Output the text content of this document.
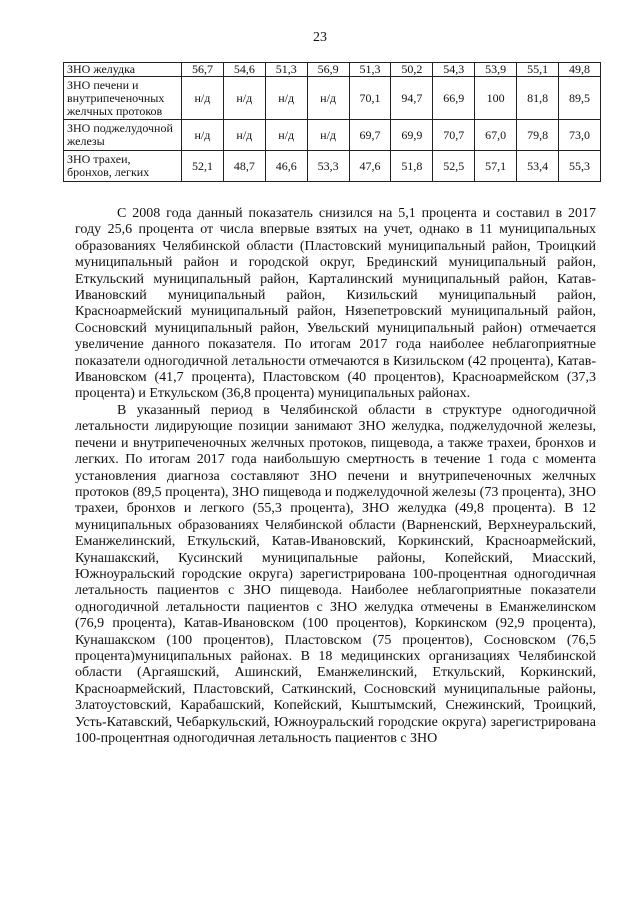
23
ЗНО желудка	56,7	54,6	51,3	56,9	51,3	50,2	54,3	53,9	55,1	49,8
ЗНО печени и внутрипеченочных желчных протоков	н/д	н/д	н/д	н/д	70,1	94,7	66,9	100	81,8	89,5
ЗНО поджелудочной железы	н/д	н/д	н/д	н/д	69,7	69,9	70,7	67,0	79,8	73,0
ЗНО трахеи, бронхов, легких	52,1	48,7	46,6	53,3	47,6	51,8	52,5	57,1	53,4	55,3

С 2008 года данный показатель снизился на 5,1 процента и составил в 2017 году 25,6 процента от числа впервые взятых на учет, однако в 11 муниципальных образованиях Челябинской области (Пластовский муниципальный район, Троицкий муниципальный район и городской округ, Брединский муниципальный район, Еткульский муниципальный район, Карталинский муниципальный район, Катав-Ивановский муниципальный район, Кизильский муниципальный район, Красноармейский муниципальный район, Нязепетровский муниципальный район, Сосновский муниципальный район, Увельский муниципальный район) отмечается увеличение данного показателя. По итогам 2017 года наиболее неблагоприятные показатели одногодичной летальности отмечаются в Кизильском (42 процента), Катав-Ивановском (41,7 процента), Пластовском (40 процентов), Красноармейском (37,3 процента) и Еткульском (36,8 процента) муниципальных районах.

В указанный период в Челябинской области в структуре одногодичной летальности лидирующие позиции занимают ЗНО желудка, поджелудочной железы, печени и внутрипеченочных желчных протоков, пищевода, а также трахеи, бронхов и легких. По итогам 2017 года наибольшую смертность в течение 1 года с момента установления диагноза составляют ЗНО печени и внутрипеченочных желчных протоков (89,5 процента), ЗНО пищевода и поджелудочной железы (73 процента), ЗНО трахеи, бронхов и легкого (55,3 процента), ЗНО желудка (49,8 процента). В 12 муниципальных образованиях Челябинской области (Варненский, Верхнеуральский, Еманжелинский, Еткульский, Катав-Ивановский, Коркинский, Красноармейский, Кунашакский, Кусинский муниципальные районы, Копейский, Миасский, Южноуральский городские округа) зарегистрирована 100-процентная одногодичная летальность пациентов с ЗНО пищевода. Наиболее неблагоприятные показатели одногодичной летальности пациентов с ЗНО желудка отмечены в Еманжелинском (76,9 процента), Катав-Ивановском (100 процентов), Коркинском (92,9 процента), Кунашакском (100 процентов), Пластовском (75 процентов), Сосновском (76,5 процента)муниципальных районах. В 18 медицинских организациях Челябинской области (Аргаяшский, Ашинский, Еманжелинский, Еткульский, Коркинский, Красноармейский, Пластовский, Саткинский, Сосновский муниципальные районы, Златоустовский, Карабашский, Копейский, Кыштымский, Снежинский, Троицкий, Усть-Катавский, Чебаркульский, Южноуральский городские округа) зарегистрирована 100-процентная одногодичная летальность пациентов с ЗНО
